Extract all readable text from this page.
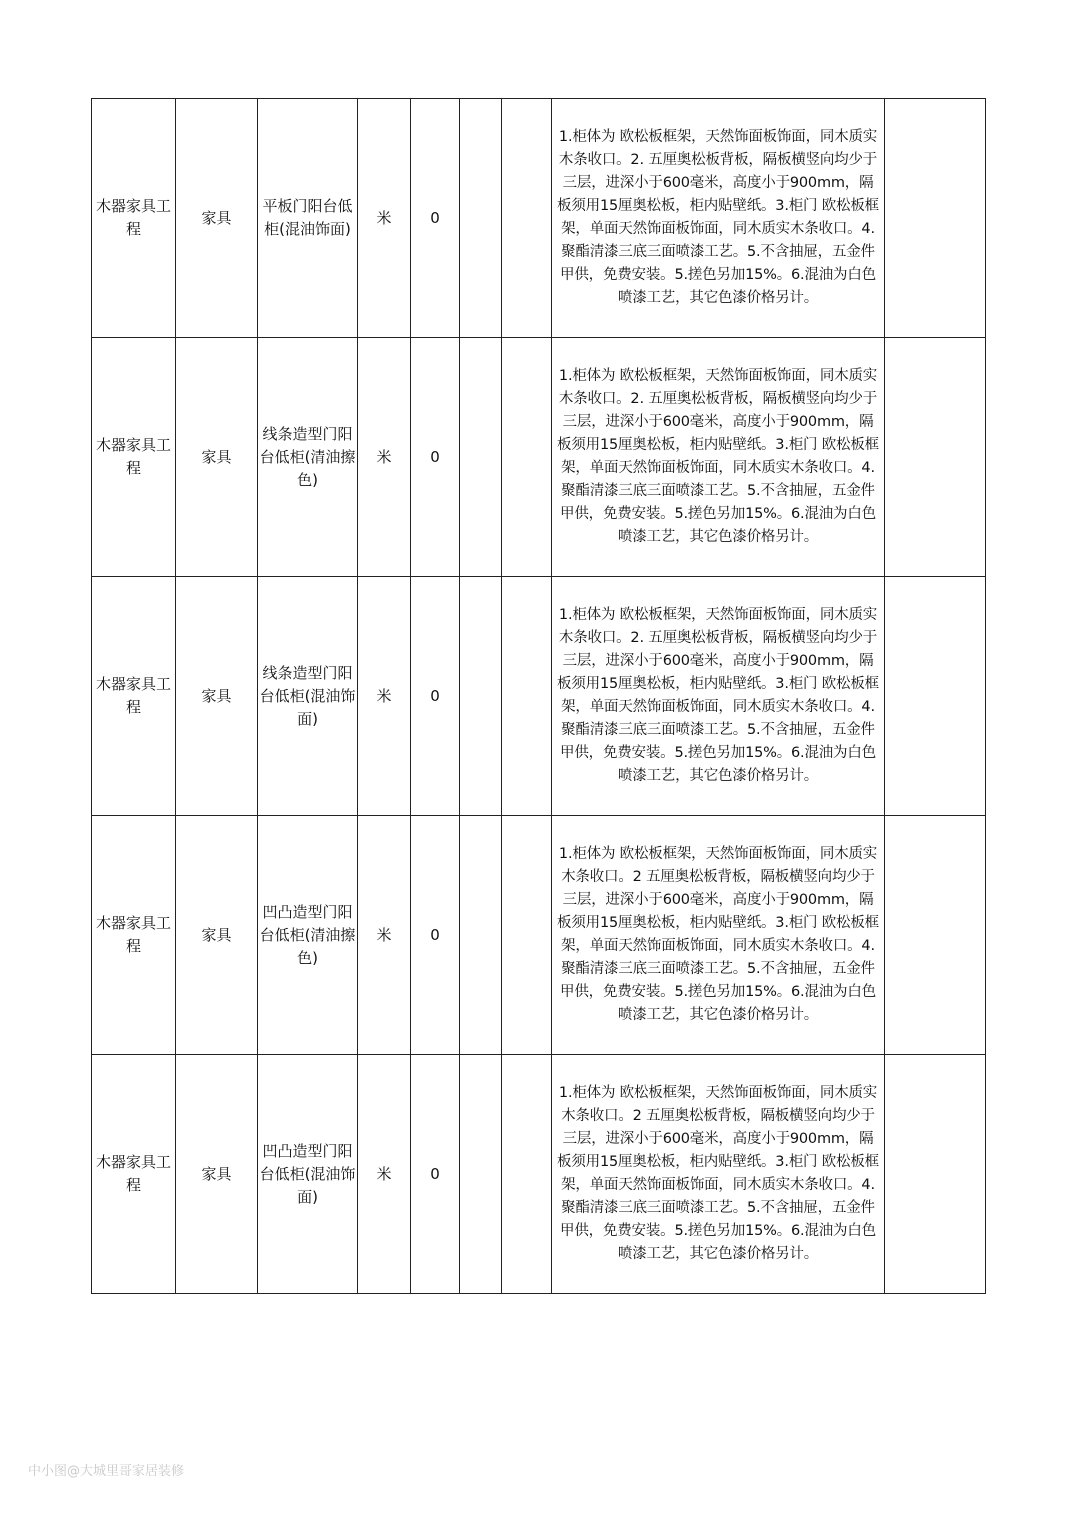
木器家具工程	家具	平板门阳台低柜(混油饰面)	米	0			1.柜体为 欧松板框架，天然饰面板饰面，同木质实木条收口。2. 五厘奥松板背板，隔板横竖向均少于三层，进深小于600毫米，高度小于900mm，隔板须用15厘奥松板，柜内贴壁纸。3.柜门 欧松板框架，单面天然饰面板饰面，同木质实木条收口。4. 聚酯清漆三底三面喷漆工艺。5.不含抽屉，五金件甲供，免费安装。5.搓色另加15%。6.混油为白色喷漆工艺，其它色漆价格另计。	
木器家具工程	家具	线条造型门阳台低柜(清油擦色)	米	0			1.柜体为 欧松板框架，天然饰面板饰面，同木质实木条收口。2. 五厘奥松板背板，隔板横竖向均少于三层，进深小于600毫米，高度小于900mm，隔板须用15厘奥松板，柜内贴壁纸。3.柜门 欧松板框架，单面天然饰面板饰面，同木质实木条收口。4. 聚酯清漆三底三面喷漆工艺。5.不含抽屉，五金件甲供，免费安装。5.搓色另加15%。6.混油为白色喷漆工艺，其它色漆价格另计。	
木器家具工程	家具	线条造型门阳台低柜(混油饰面)	米	0			1.柜体为 欧松板框架，天然饰面板饰面，同木质实木条收口。2. 五厘奥松板背板，隔板横竖向均少于三层，进深小于600毫米，高度小于900mm，隔板须用15厘奥松板，柜内贴壁纸。3.柜门 欧松板框架，单面天然饰面板饰面，同木质实木条收口。4. 聚酯清漆三底三面喷漆工艺。5.不含抽屉，五金件甲供，免费安装。5.搓色另加15%。6.混油为白色喷漆工艺，其它色漆价格另计。	
木器家具工程	家具	凹凸造型门阳台低柜(清油擦色)	米	0			1.柜体为 欧松板框架，天然饰面板饰面，同木质实木条收口。2 五厘奥松板背板，隔板横竖向均少于三层，进深小于600毫米，高度小于900mm，隔板须用15厘奥松板，柜内贴壁纸。3.柜门 欧松板框架，单面天然饰面板饰面，同木质实木条收口。4. 聚酯清漆三底三面喷漆工艺。5.不含抽屉，五金件甲供，免费安装。5.搓色另加15%。6.混油为白色喷漆工艺，其它色漆价格另计。	
木器家具工程	家具	凹凸造型门阳台低柜(混油饰面)	米	0			1.柜体为 欧松板框架，天然饰面板饰面，同木质实木条收口。2 五厘奥松板背板，隔板横竖向均少于三层，进深小于600毫米，高度小于900mm，隔板须用15厘奥松板，柜内贴壁纸。3.柜门 欧松板框架，单面天然饰面板饰面，同木质实木条收口。4. 聚酯清漆三底三面喷漆工艺。5.不含抽屉，五金件甲供，免费安装。5.搓色另加15%。6.混油为白色喷漆工艺，其它色漆价格另计。	
中小图@大城里哥家居装修
